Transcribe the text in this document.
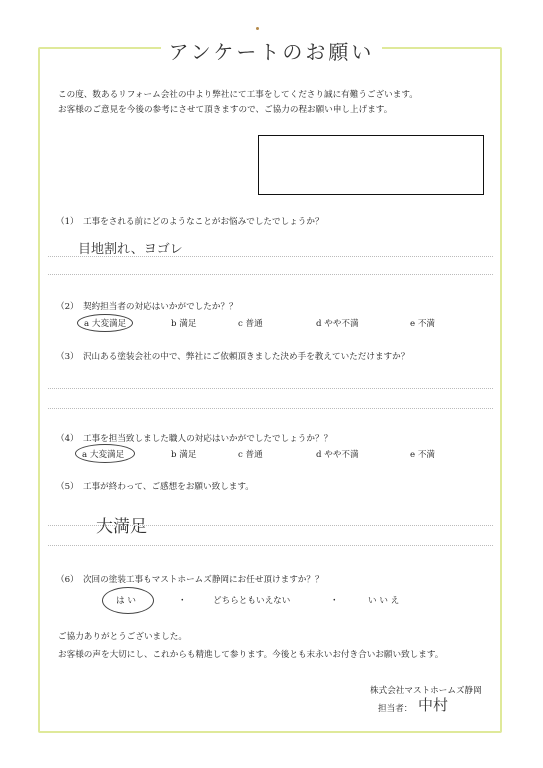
アンケートのお願い
この度、数あるリフォーム会社の中より弊社にて工事をしてくださり誠に有難うございます。
お客様のご意見を今後の参考にさせて頂きますので、ご協力の程お願い申し上げます。
（1）　工事をされる前にどのようなことがお悩みでしたでしょうか？
目地割れ、ヨゴレ
（2）　契約担当者の対応はいかがでしたか？？
a 大変満足	b 満足	c 普通	d やや不満	e 不満
（3）　沢山ある塗装会社の中で、弊社にご依頼頂きました決め手を教えていただけますか？
（4）　工事を担当致しました職人の対応はいかがでしたでしょうか？？
a 大変満足	b 満足	c 普通	d やや不満	e 不満
（5）　工事が終わって、ご感想をお願い致します。
大満足
（6）　次回の塗装工事もマストホームズ静岡にお任せ頂けますか？？
は い	・	どちらともいえない	・	い い え
ご協力ありがとうございました。
お客様の声を大切にし、これからも精進して参ります。今後とも末永いお付き合いお願い致します。
株式会社マストホームズ静岡
担当者： 中村
